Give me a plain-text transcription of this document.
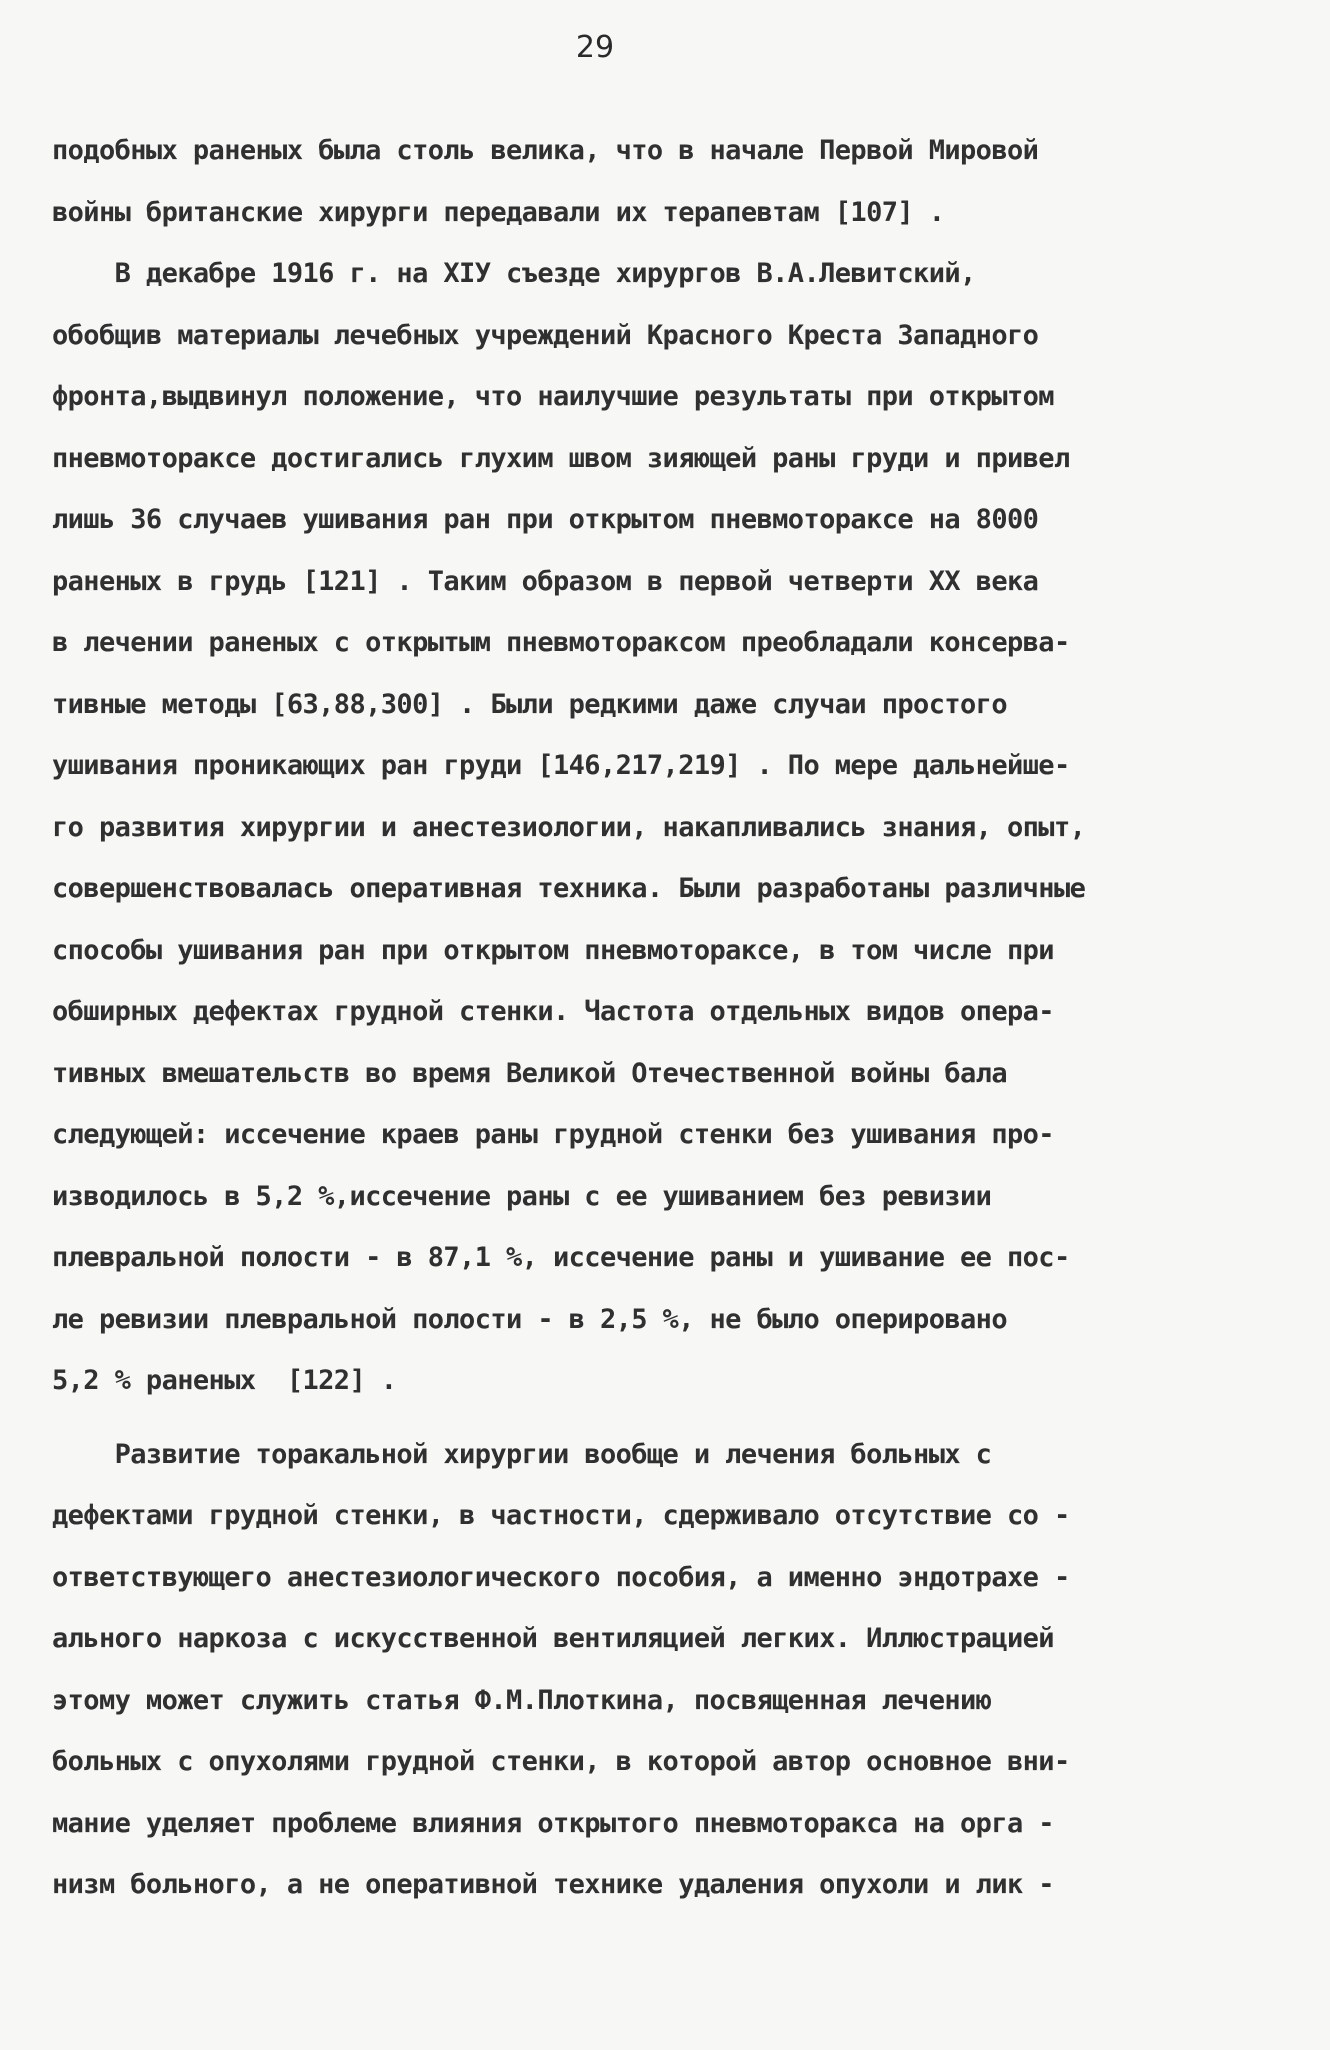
29
подобных раненых была столь велика, что в начале Первой Мировой
войны британские хирурги передавали их терапевтам [107] .
В декабре 1916 г. на XIУ съезде хирургов В.А.Левитский,
обобщив материалы лечебных учреждений Красного Креста Западного
фронта,выдвинул положение, что наилучшие результаты при открытом
пневмотораксе достигались глухим швом зияющей раны груди и привел
лишь 36 случаев ушивания ран при открытом пневмотораксе на 8000
раненых в грудь [121] . Таким образом в первой четверти XX века
в лечении раненых с открытым пневмотораксом преобладали консерва-
тивные методы [63,88,300] . Были редкими даже случаи простого
ушивания проникающих ран груди [146,217,219] . По мере дальнейше-
го развития хирургии и анестезиологии, накапливались знания, опыт,
совершенствовалась оперативная техника. Были разработаны различные
способы ушивания ран при открытом пневмотораксе, в том числе при
обширных дефектах грудной стенки. Частота отдельных видов опера-
тивных вмешательств во время Великой Отечественной войны бала
следующей: иссечение краев раны грудной стенки без ушивания про-
изводилось в 5,2 %,иссечение раны с ее ушиванием без ревизии
плевральной полости - в 87,1 %, иссечение раны и ушивание ее пос-
ле ревизии плевральной полости - в 2,5 %, не было оперировано
5,2 % раненых  [122] .
Развитие торакальной хирургии вообще и лечения больных с
дефектами грудной стенки, в частности, сдерживало отсутствие со -
ответствующего анестезиологического пособия, а именно эндотрахе -
ального наркоза с искусственной вентиляцией легких. Иллюстрацией
этому может служить статья Ф.М.Плоткина, посвященная лечению
больных с опухолями грудной стенки, в которой автор основное вни-
мание уделяет проблеме влияния открытого пневмоторакса на орга -
низм больного, а не оперативной технике удаления опухоли и лик -
